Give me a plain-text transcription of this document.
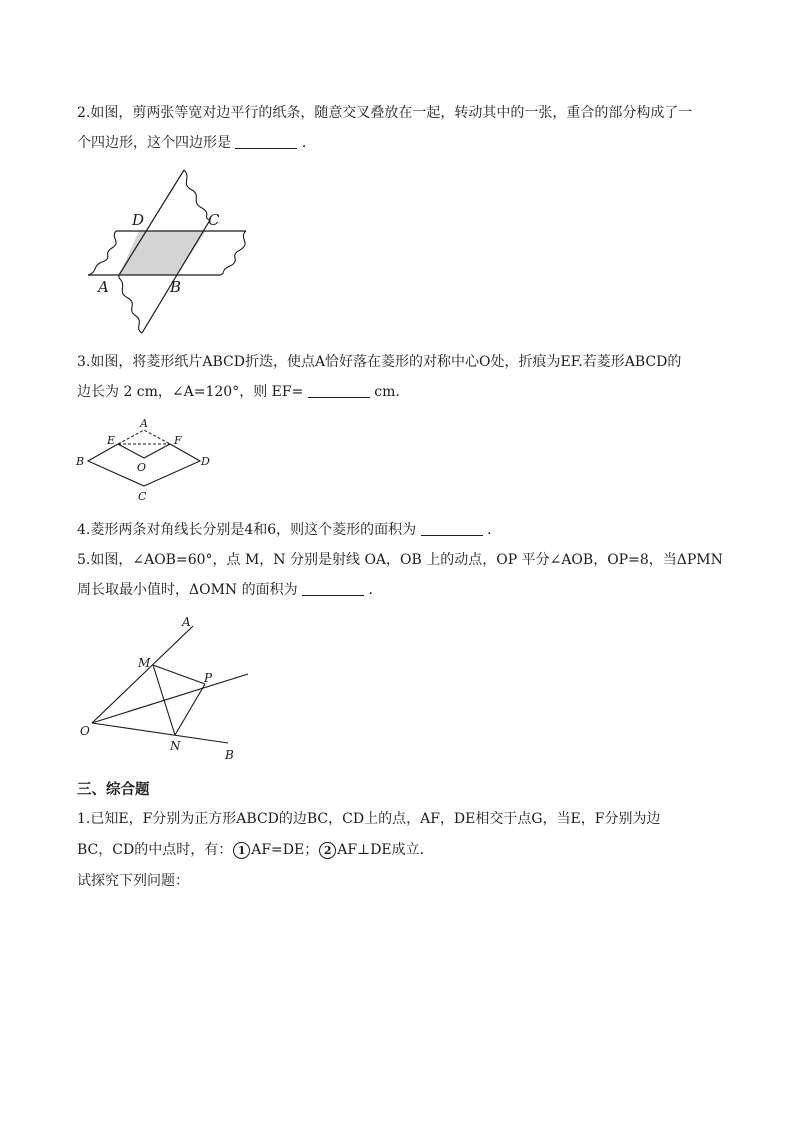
2.如图，剪两张等宽对边平行的纸条，随意交叉叠放在一起，转动其中的一张，重合的部分构成了一
个四边形，这个四边形是	．
D	C
A	B
3.如图，将菱形纸片ABCD折迭，使点A恰好落在菱形的对称中心O处，折痕为EF.若菱形ABCD的
边长为 2 cm，∠A=120°，则 EF=	cm.
A
E	F
B	O	D
C
4.菱形两条对角线长分别是4和6，则这个菱形的面积为	．
5.如图，∠AOB=60°，点 M，N 分别是射线 OA，OB 上的动点，OP 平分∠AOB，OP=8，当ΔPMN
周长取最小值时，ΔOMN 的面积为	．
A
M
P
O
N
B
三、综合题
1.已知E，F分别为正方形ABCD的边BC，CD上的点，AF，DE相交于点G，当E，F分别为边
BC，CD的中点时，有： 1 AF=DE； 2 AF⊥DE成立．
试探究下列问题：
